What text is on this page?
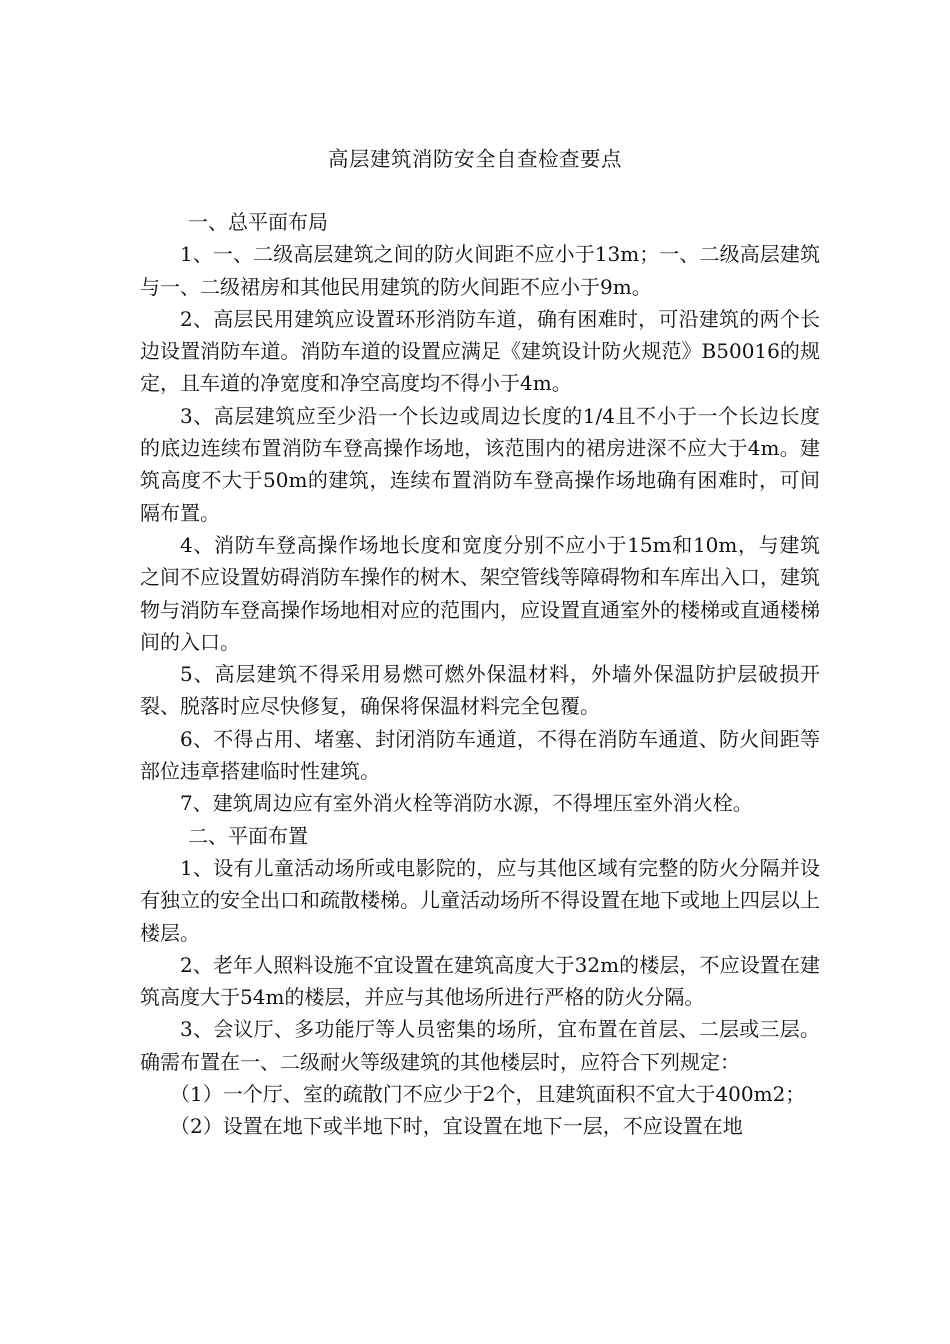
高层建筑消防安全自查检查要点

一、总平面布局

1、一、二级高层建筑之间的防火间距不应小于13m；一、二级高层建筑与一、二级裙房和其他民用建筑的防火间距不应小于9m。

2、高层民用建筑应设置环形消防车道，确有困难时，可沿建筑的两个长边设置消防车道。消防车道的设置应满足《建筑设计防火规范》B50016的规定，且车道的净宽度和净空高度均不得小于4m。

3、高层建筑应至少沿一个长边或周边长度的1/4且不小于一个长边长度的底边连续布置消防车登高操作场地，该范围内的裙房进深不应大于4m。建筑高度不大于50m的建筑，连续布置消防车登高操作场地确有困难时，可间隔布置。

4、消防车登高操作场地长度和宽度分别不应小于15m和10m，与建筑之间不应设置妨碍消防车操作的树木、架空管线等障碍物和车库出入口，建筑物与消防车登高操作场地相对应的范围内，应设置直通室外的楼梯或直通楼梯间的入口。

5、高层建筑不得采用易燃可燃外保温材料，外墙外保温防护层破损开裂、脱落时应尽快修复，确保将保温材料完全包覆。

6、不得占用、堵塞、封闭消防车通道，不得在消防车通道、防火间距等部位违章搭建临时性建筑。

7、建筑周边应有室外消火栓等消防水源，不得埋压室外消火栓。

二、平面布置

1、设有儿童活动场所或电影院的，应与其他区域有完整的防火分隔并设有独立的安全出口和疏散楼梯。儿童活动场所不得设置在地下或地上四层以上楼层。

2、老年人照料设施不宜设置在建筑高度大于32m的楼层，不应设置在建筑高度大于54m的楼层，并应与其他场所进行严格的防火分隔。

3、会议厅、多功能厅等人员密集的场所，宜布置在首层、二层或三层。确需布置在一、二级耐火等级建筑的其他楼层时，应符合下列规定：

（1）一个厅、室的疏散门不应少于2个，且建筑面积不宜大于400m2；

（2）设置在地下或半地下时，宜设置在地下一层，不应设置在地
